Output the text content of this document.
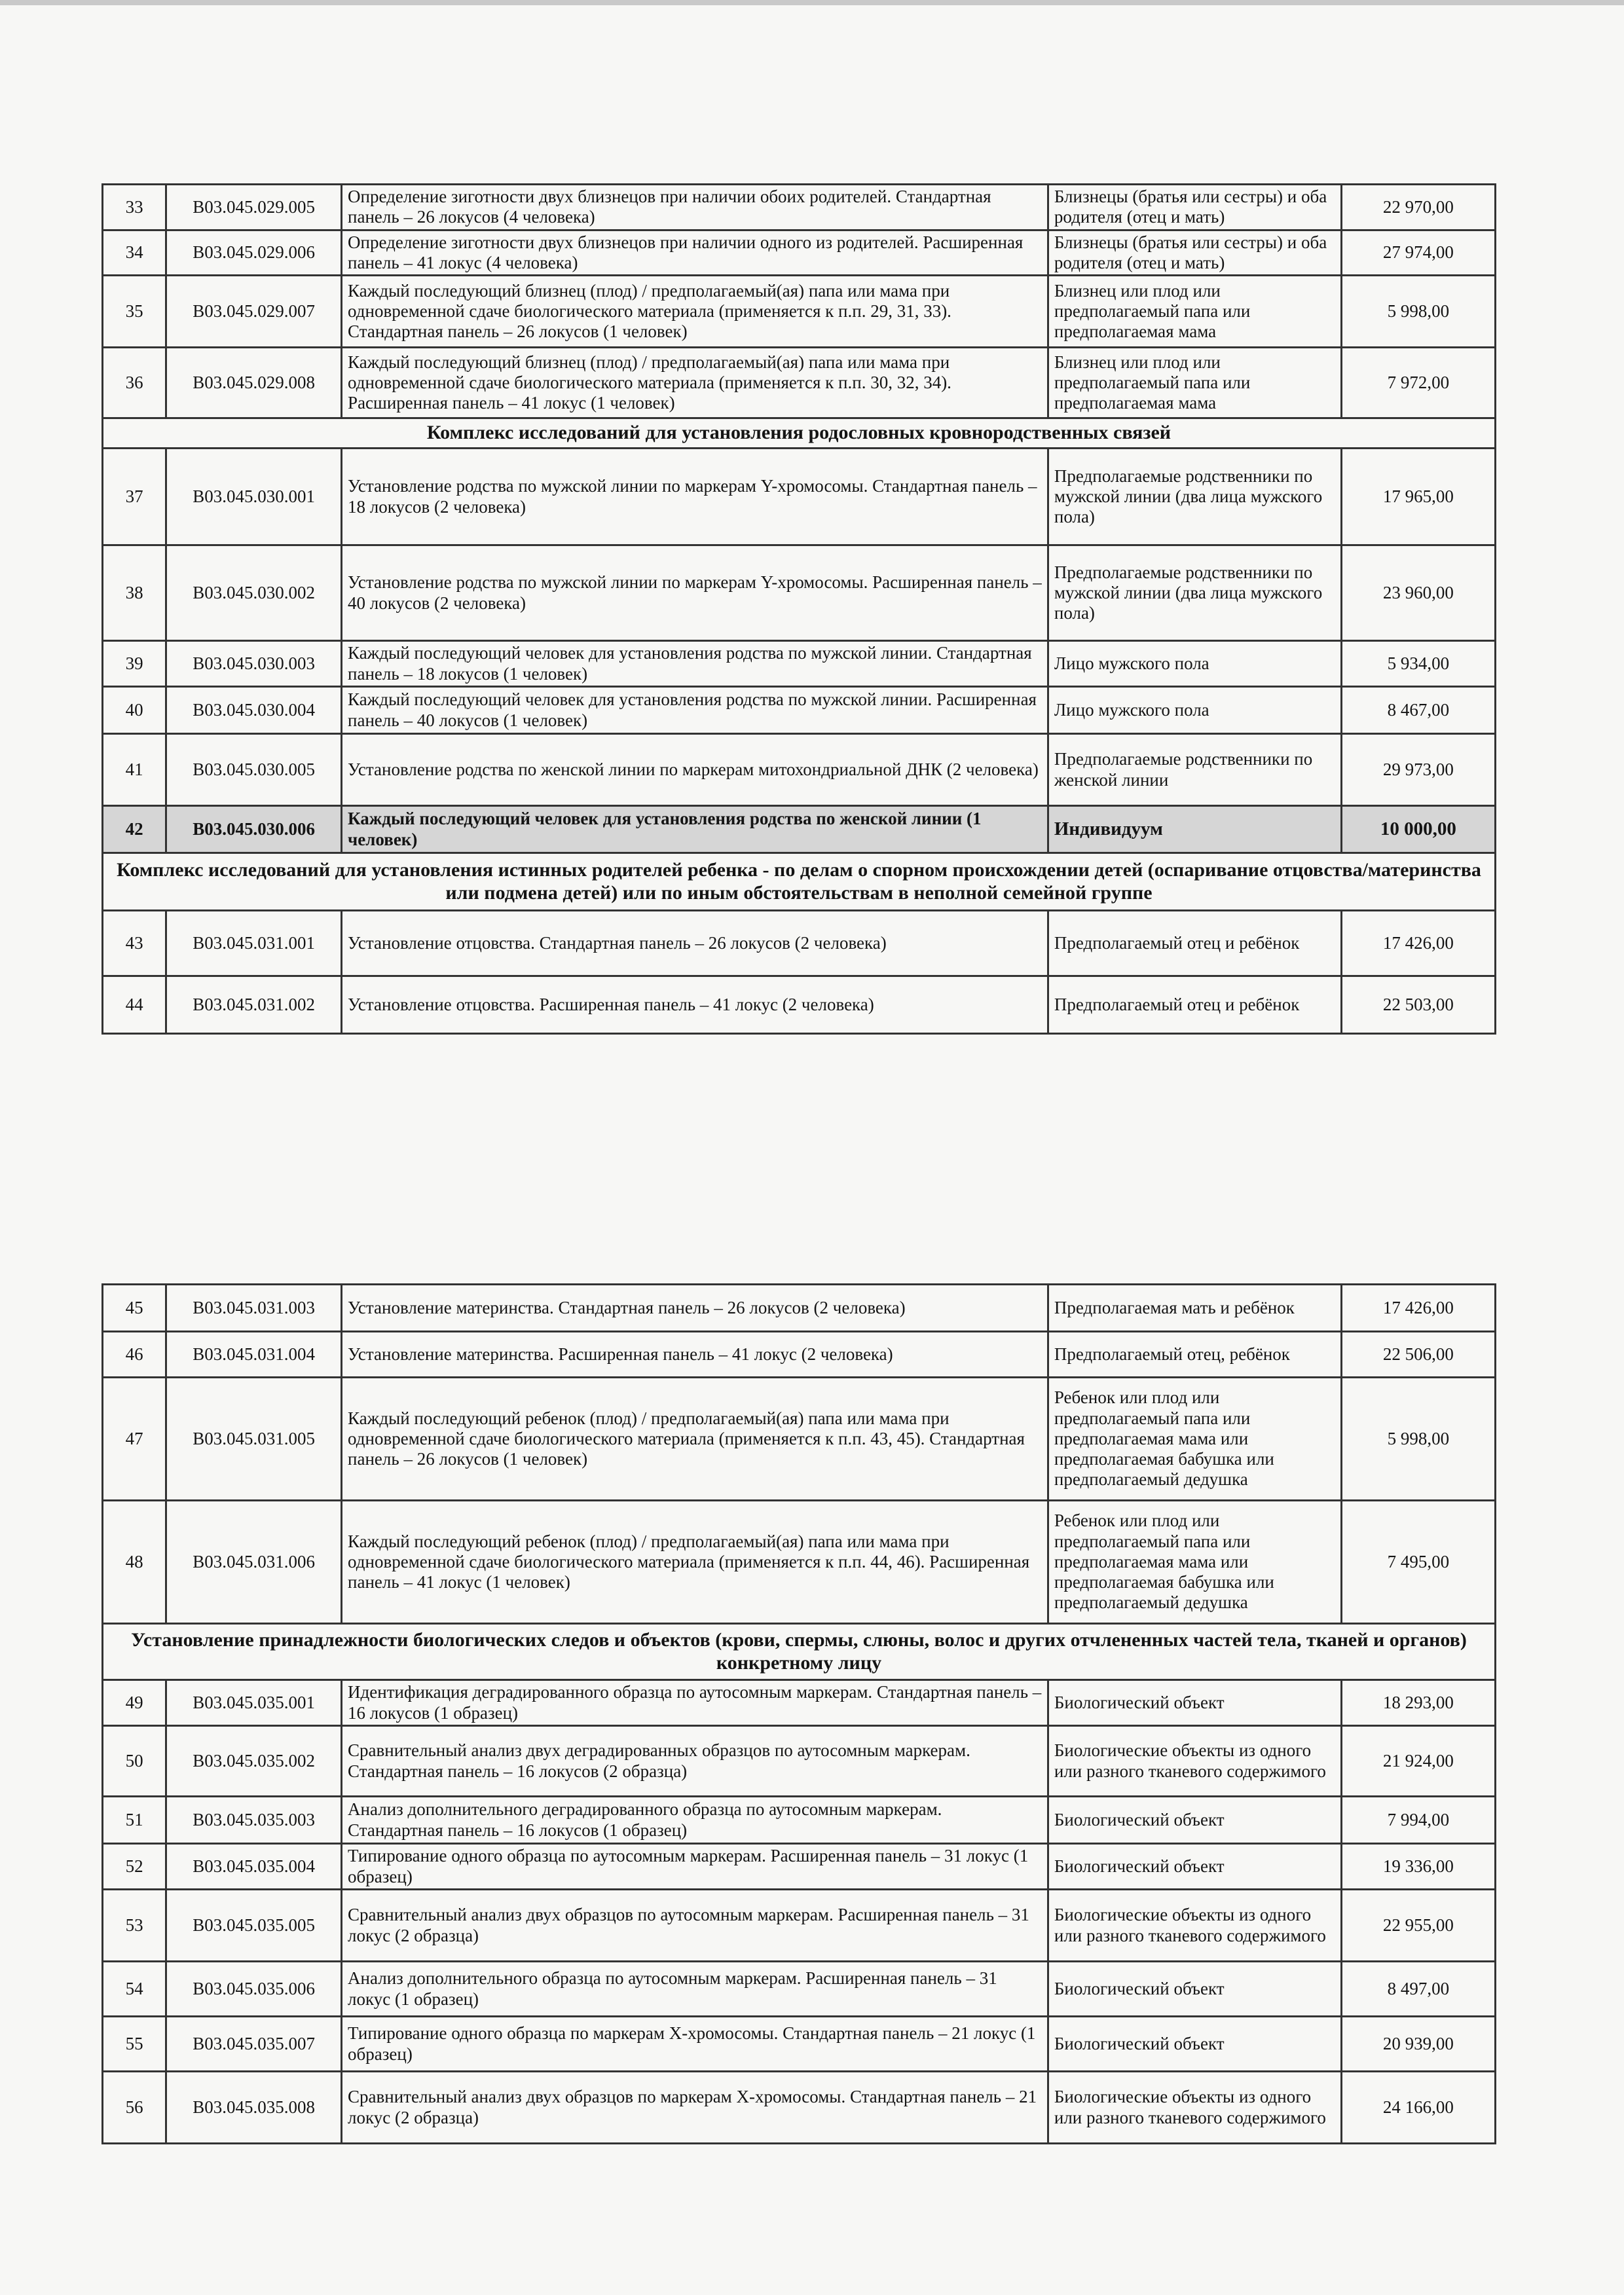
33	B03.045.029.005	Определение зиготности двух близнецов при наличии обоих родителей. Стандартная панель – 26 локусов (4 человека)	Близнецы (братья или сестры) и оба родителя (отец и мать)	22 970,00
34	B03.045.029.006	Определение зиготности двух близнецов при наличии одного из родителей. Расширенная панель – 41 локус (4 человека)	Близнецы (братья или сестры) и оба родителя (отец и мать)	27 974,00
35	B03.045.029.007	Каждый последующий близнец (плод) / предполагаемый(ая) папа или мама при одновременной сдаче биологического материала (применяется к п.п. 29, 31, 33). Стандартная панель – 26 локусов (1 человек)	Близнец или плод или предполагаемый папа или предполагаемая мама	5 998,00
36	B03.045.029.008	Каждый последующий близнец (плод) / предполагаемый(ая) папа или мама при одновременной сдаче биологического материала (применяется к п.п. 30, 32, 34). Расширенная панель – 41 локус (1 человек)	Близнец или плод или предполагаемый папа или предполагаемая мама	7 972,00
Комплекс исследований для установления родословных кровнородственных связей				
37	B03.045.030.001	Установление родства по мужской линии по маркерам Y-хромосомы. Стандартная панель – 18 локусов (2 человека)	Предполагаемые родственники по мужской линии (два лица мужского пола)	17 965,00
38	B03.045.030.002	Установление родства по мужской линии по маркерам Y-хромосомы. Расширенная панель – 40 локусов (2 человека)	Предполагаемые родственники по мужской линии (два лица мужского пола)	23 960,00
39	B03.045.030.003	Каждый последующий человек для установления родства по мужской линии. Стандартная панель – 18 локусов (1 человек)	Лицо мужского пола	5 934,00
40	B03.045.030.004	Каждый последующий человек для установления родства по мужской линии. Расширенная панель – 40 локусов (1 человек)	Лицо мужского пола	8 467,00
41	B03.045.030.005	Установление родства по женской линии по маркерам митохондриальной ДНК (2 человека)	Предполагаемые родственники по женской линии	29 973,00
42	B03.045.030.006	Каждый последующий человек для установления родства по женской линии (1 человек)	Индивидуум	10 000,00
Комплекс исследований для установления истинных родителей ребенка - по делам о спорном происхождении детей (оспаривание отцовства/материнства или подмена детей) или по иным обстоятельствам в неполной семейной группе				
43	B03.045.031.001	Установление отцовства. Стандартная панель – 26 локусов (2 человека)	Предполагаемый отец и ребёнок	17 426,00
44	B03.045.031.002	Установление отцовства. Расширенная панель – 41 локус (2 человека)	Предполагаемый отец и ребёнок	22 503,00
45	B03.045.031.003	Установление материнства. Стандартная панель – 26 локусов (2 человека)	Предполагаемая мать и ребёнок	17 426,00
46	B03.045.031.004	Установление материнства. Расширенная панель – 41 локус (2 человека)	Предполагаемый отец, ребёнок	22 506,00
47	B03.045.031.005	Каждый последующий ребенок (плод) / предполагаемый(ая) папа или мама при одновременной сдаче биологического материала (применяется к п.п. 43, 45). Стандартная панель – 26 локусов (1 человек)	Ребенок или плод или предполагаемый папа или предполагаемая мама или предполагаемая бабушка или предполагаемый дедушка	5 998,00
48	B03.045.031.006	Каждый последующий ребенок (плод) / предполагаемый(ая) папа или мама при одновременной сдаче биологического материала (применяется к п.п. 44, 46). Расширенная панель – 41 локус (1 человек)	Ребенок или плод или предполагаемый папа или предполагаемая мама или предполагаемая бабушка или предполагаемый дедушка	7 495,00
Установление принадлежности биологических следов и объектов (крови, спермы, слюны, волос и других отчлененных частей тела, тканей и органов) конкретному лицу				
49	B03.045.035.001	Идентификация деградированного образца по аутосомным маркерам. Стандартная панель – 16 локусов (1 образец)	Биологический объект	18 293,00
50	B03.045.035.002	Сравнительный анализ двух деградированных образцов по аутосомным маркерам. Стандартная панель – 16 локусов (2 образца)	Биологические объекты из одного или разного тканевого содержимого	21 924,00
51	B03.045.035.003	Анализ дополнительного деградированного образца по аутосомным маркерам. Стандартная панель – 16 локусов (1 образец)	Биологический объект	7 994,00
52	B03.045.035.004	Типирование одного образца по аутосомным маркерам. Расширенная панель – 31 локус (1 образец)	Биологический объект	19 336,00
53	B03.045.035.005	Сравнительный анализ двух образцов по аутосомным маркерам. Расширенная панель – 31 локус (2 образца)	Биологические объекты из одного или разного тканевого содержимого	22 955,00
54	B03.045.035.006	Анализ дополнительного образца по аутосомным маркерам. Расширенная панель – 31 локус (1 образец)	Биологический объект	8 497,00
55	B03.045.035.007	Типирование одного образца по маркерам X-хромосомы. Стандартная панель – 21 локус (1 образец)	Биологический объект	20 939,00
56	B03.045.035.008	Сравнительный анализ двух образцов по маркерам X-хромосомы. Стандартная панель – 21 локус (2 образца)	Биологические объекты из одного или разного тканевого содержимого	24 166,00
